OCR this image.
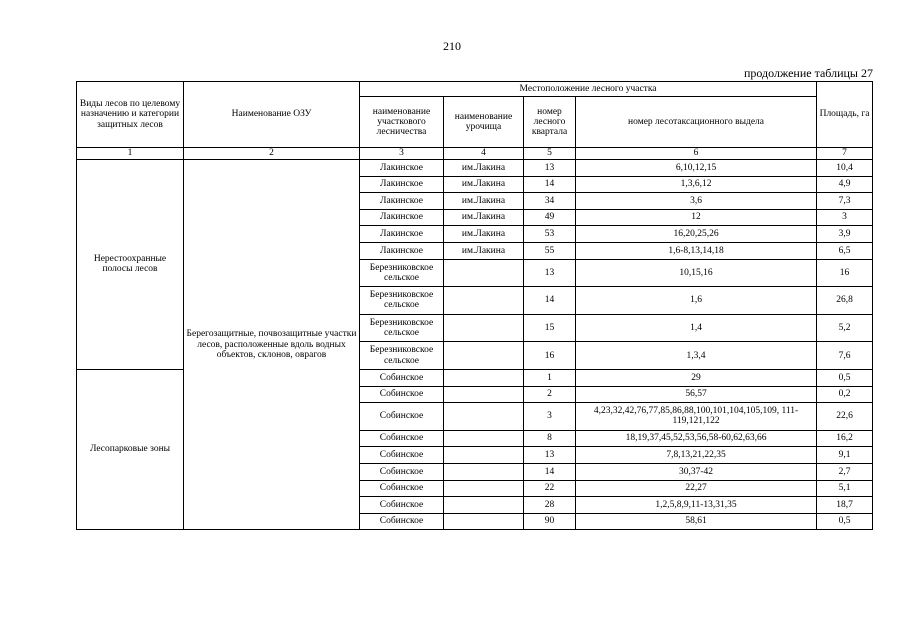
210
продолжение таблицы 27
Виды лесов по целевому назначению и категории защитных лесов	Наименование ОЗУ	Местоположение лесного участка				Площадь, га
		наименование участкового лесничества	наименование урочища	номер лесного квартала	номер лесотаксационного выдела	
1	2	3	4	5	6	7
Нерестоохранные полосы лесов	Берегозащитные, почвозащитные участки лесов, расположенные вдоль водных объектов, склонов, оврагов	Лакинское	им.Лакина	13	6,10,12,15	10,4
		Лакинское	им.Лакина	14	1,3,6,12	4,9
		Лакинское	им.Лакина	34	3,6	7,3
		Лакинское	им.Лакина	49	12	3
		Лакинское	им.Лакина	53	16,20,25,26	3,9
		Лакинское	им.Лакина	55	1,6-8,13,14,18	6,5
		Березниковское сельское		13	10,15,16	16
		Березниковское сельское		14	1,6	26,8
		Березниковское сельское		15	1,4	5,2
		Березниковское сельское		16	1,3,4	7,6
Лесопарковые зоны		Собинское		1	29	0,5
		Собинское		2	56,57	0,2
		Собинское		3	4,23,32,42,76,77,85,86,88,100,101,104,105,109, 111-119,121,122	22,6
		Собинское		8	18,19,37,45,52,53,56,58-60,62,63,66	16,2
		Собинское		13	7,8,13,21,22,35	9,1
		Собинское		14	30,37-42	2,7
		Собинское		22	22,27	5,1
		Собинское		28	1,2,5,8,9,11-13,31,35	18,7
		Собинское		90	58,61	0,5
